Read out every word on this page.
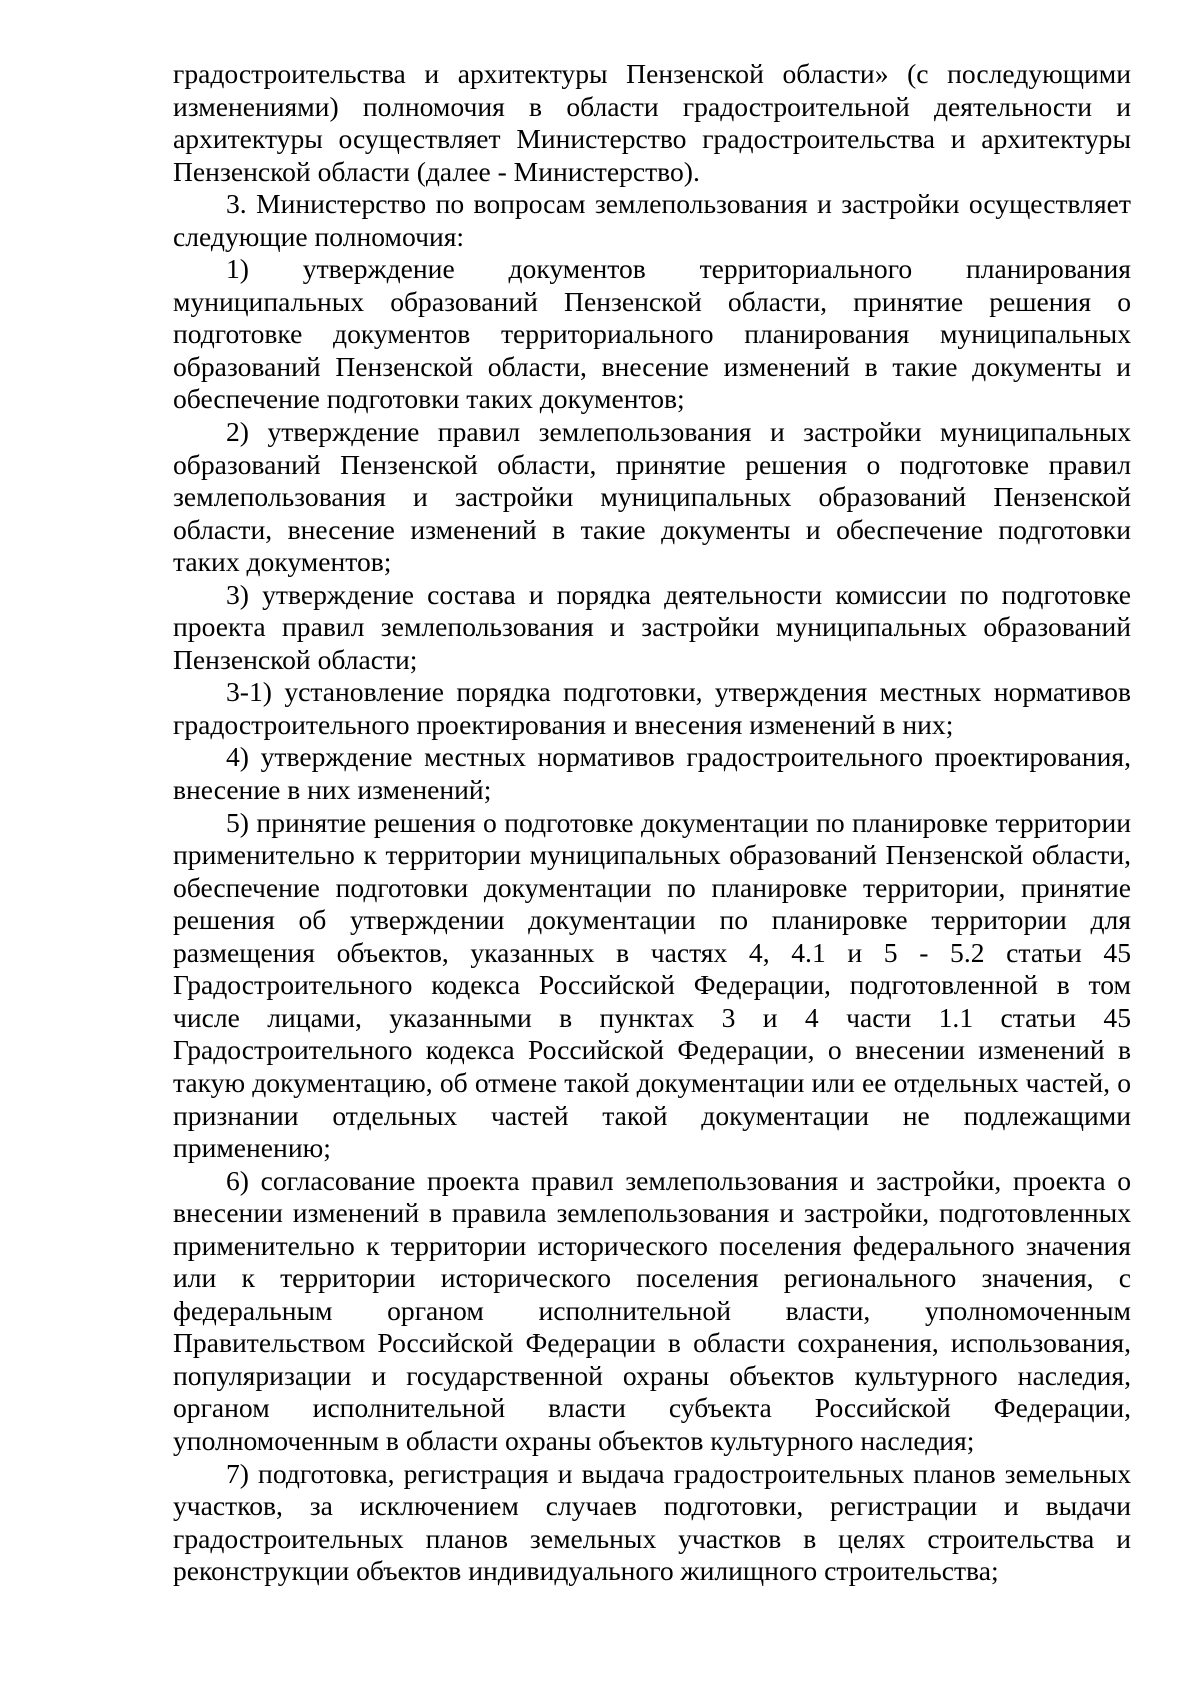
градостроительства и архитектуры Пензенской области» (с последующими изменениями) полномочия в области градостроительной деятельности и архитектуры осуществляет Министерство градостроительства и архитектуры Пензенской области (далее - Министерство).

3. Министерство по вопросам землепользования и застройки осуществляет следующие полномочия:

1) утверждение документов территориального планирования муниципальных образований Пензенской области, принятие решения о подготовке документов территориального планирования муниципальных образований Пензенской области, внесение изменений в такие документы и обеспечение подготовки таких документов;

2) утверждение правил землепользования и застройки муниципальных образований Пензенской области, принятие решения о подготовке правил землепользования и застройки муниципальных образований Пензенской области, внесение изменений в такие документы и обеспечение подготовки таких документов;

3) утверждение состава и порядка деятельности комиссии по подготовке проекта правил землепользования и застройки муниципальных образований Пензенской области;

3-1) установление порядка подготовки, утверждения местных нормативов градостроительного проектирования и внесения изменений в них;

4) утверждение местных нормативов градостроительного проектирования, внесение в них изменений;

5) принятие решения о подготовке документации по планировке территории применительно к территории муниципальных образований Пензенской области, обеспечение подготовки документации по планировке территории, принятие решения об утверждении документации по планировке территории для размещения объектов, указанных в частях 4, 4.1 и 5 - 5.2 статьи 45 Градостроительного кодекса Российской Федерации, подготовленной в том числе лицами, указанными в пунктах 3 и 4 части 1.1 статьи 45 Градостроительного кодекса Российской Федерации, о внесении изменений в такую документацию, об отмене такой документации или ее отдельных частей, о признании отдельных частей такой документации не подлежащими применению;

6) согласование проекта правил землепользования и застройки, проекта о внесении изменений в правила землепользования и застройки, подготовленных применительно к территории исторического поселения федерального значения или к территории исторического поселения регионального значения, с федеральным органом исполнительной власти, уполномоченным Правительством Российской Федерации в области сохранения, использования, популяризации и государственной охраны объектов культурного наследия, органом исполнительной власти субъекта Российской Федерации, уполномоченным в области охраны объектов культурного наследия;

7) подготовка, регистрация и выдача градостроительных планов земельных участков, за исключением случаев подготовки, регистрации и выдачи градостроительных планов земельных участков в целях строительства и реконструкции объектов индивидуального жилищного строительства;
